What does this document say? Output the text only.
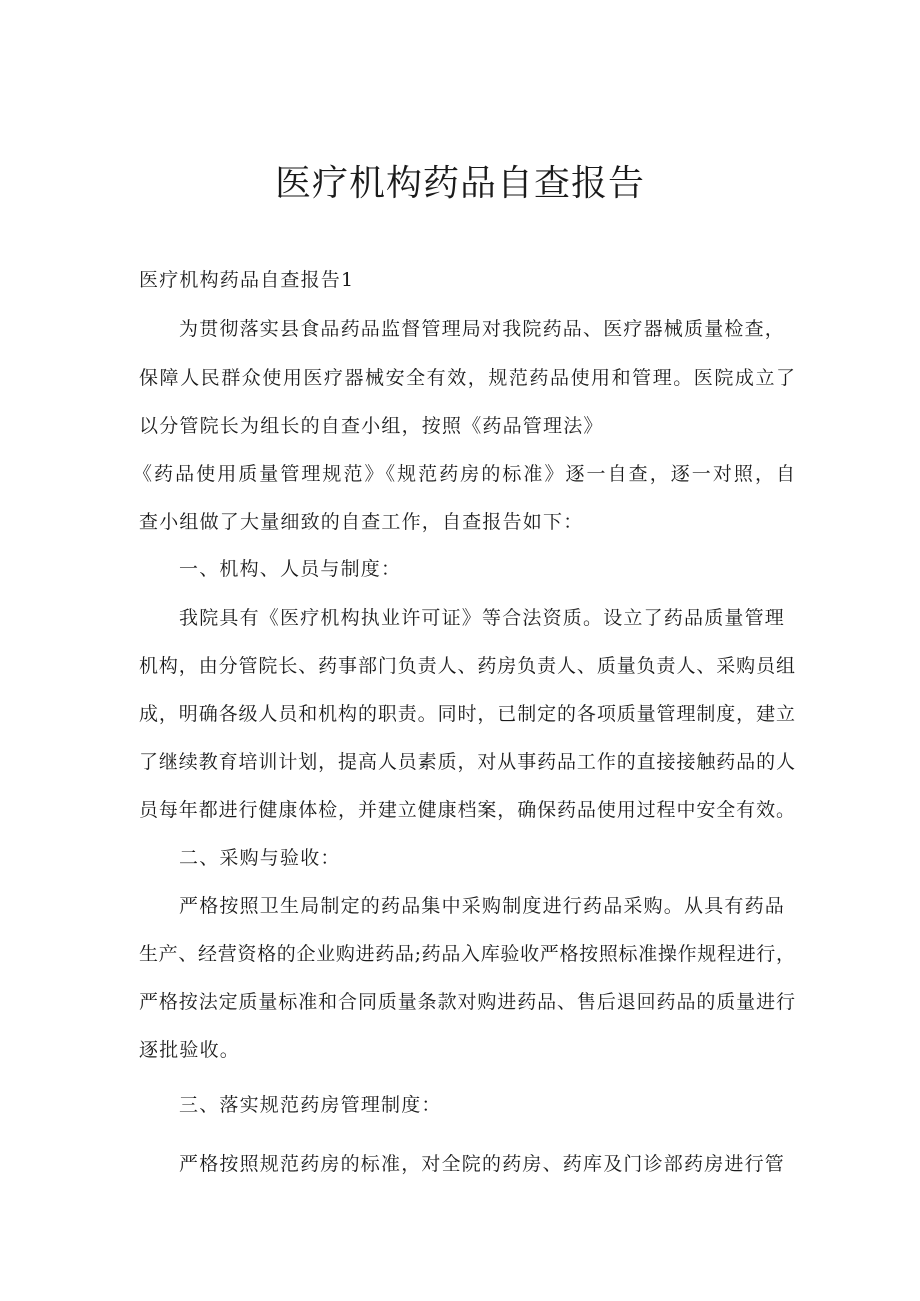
医疗机构药品自查报告
医疗机构药品自查报告1
为贯彻落实县食品药品监督管理局对我院药品、医疗器械质量检查，
保障人民群众使用医疗器械安全有效，规范药品使用和管理。医院成立了
以分管院长为组长的自查小组，按照《药品管理法》
《药品使用质量管理规范》《规范药房的标准》逐一自查，逐一对照，自
查小组做了大量细致的自查工作，自查报告如下：
一、机构、人员与制度：
我院具有《医疗机构执业许可证》等合法资质。设立了药品质量管理
机构，由分管院长、药事部门负责人、药房负责人、质量负责人、采购员组
成，明确各级人员和机构的职责。同时，已制定的各项质量管理制度，建立
了继续教育培训计划，提高人员素质，对从事药品工作的直接接触药品的人
员每年都进行健康体检，并建立健康档案，确保药品使用过程中安全有效。
二、采购与验收：
严格按照卫生局制定的药品集中采购制度进行药品采购。从具有药品
生产、经营资格的企业购进药品;药品入库验收严格按照标准操作规程进行，
严格按法定质量标准和合同质量条款对购进药品、售后退回药品的质量进行
逐批验收。
三、落实规范药房管理制度：
严格按照规范药房的标准，对全院的药房、药库及门诊部药房进行管
